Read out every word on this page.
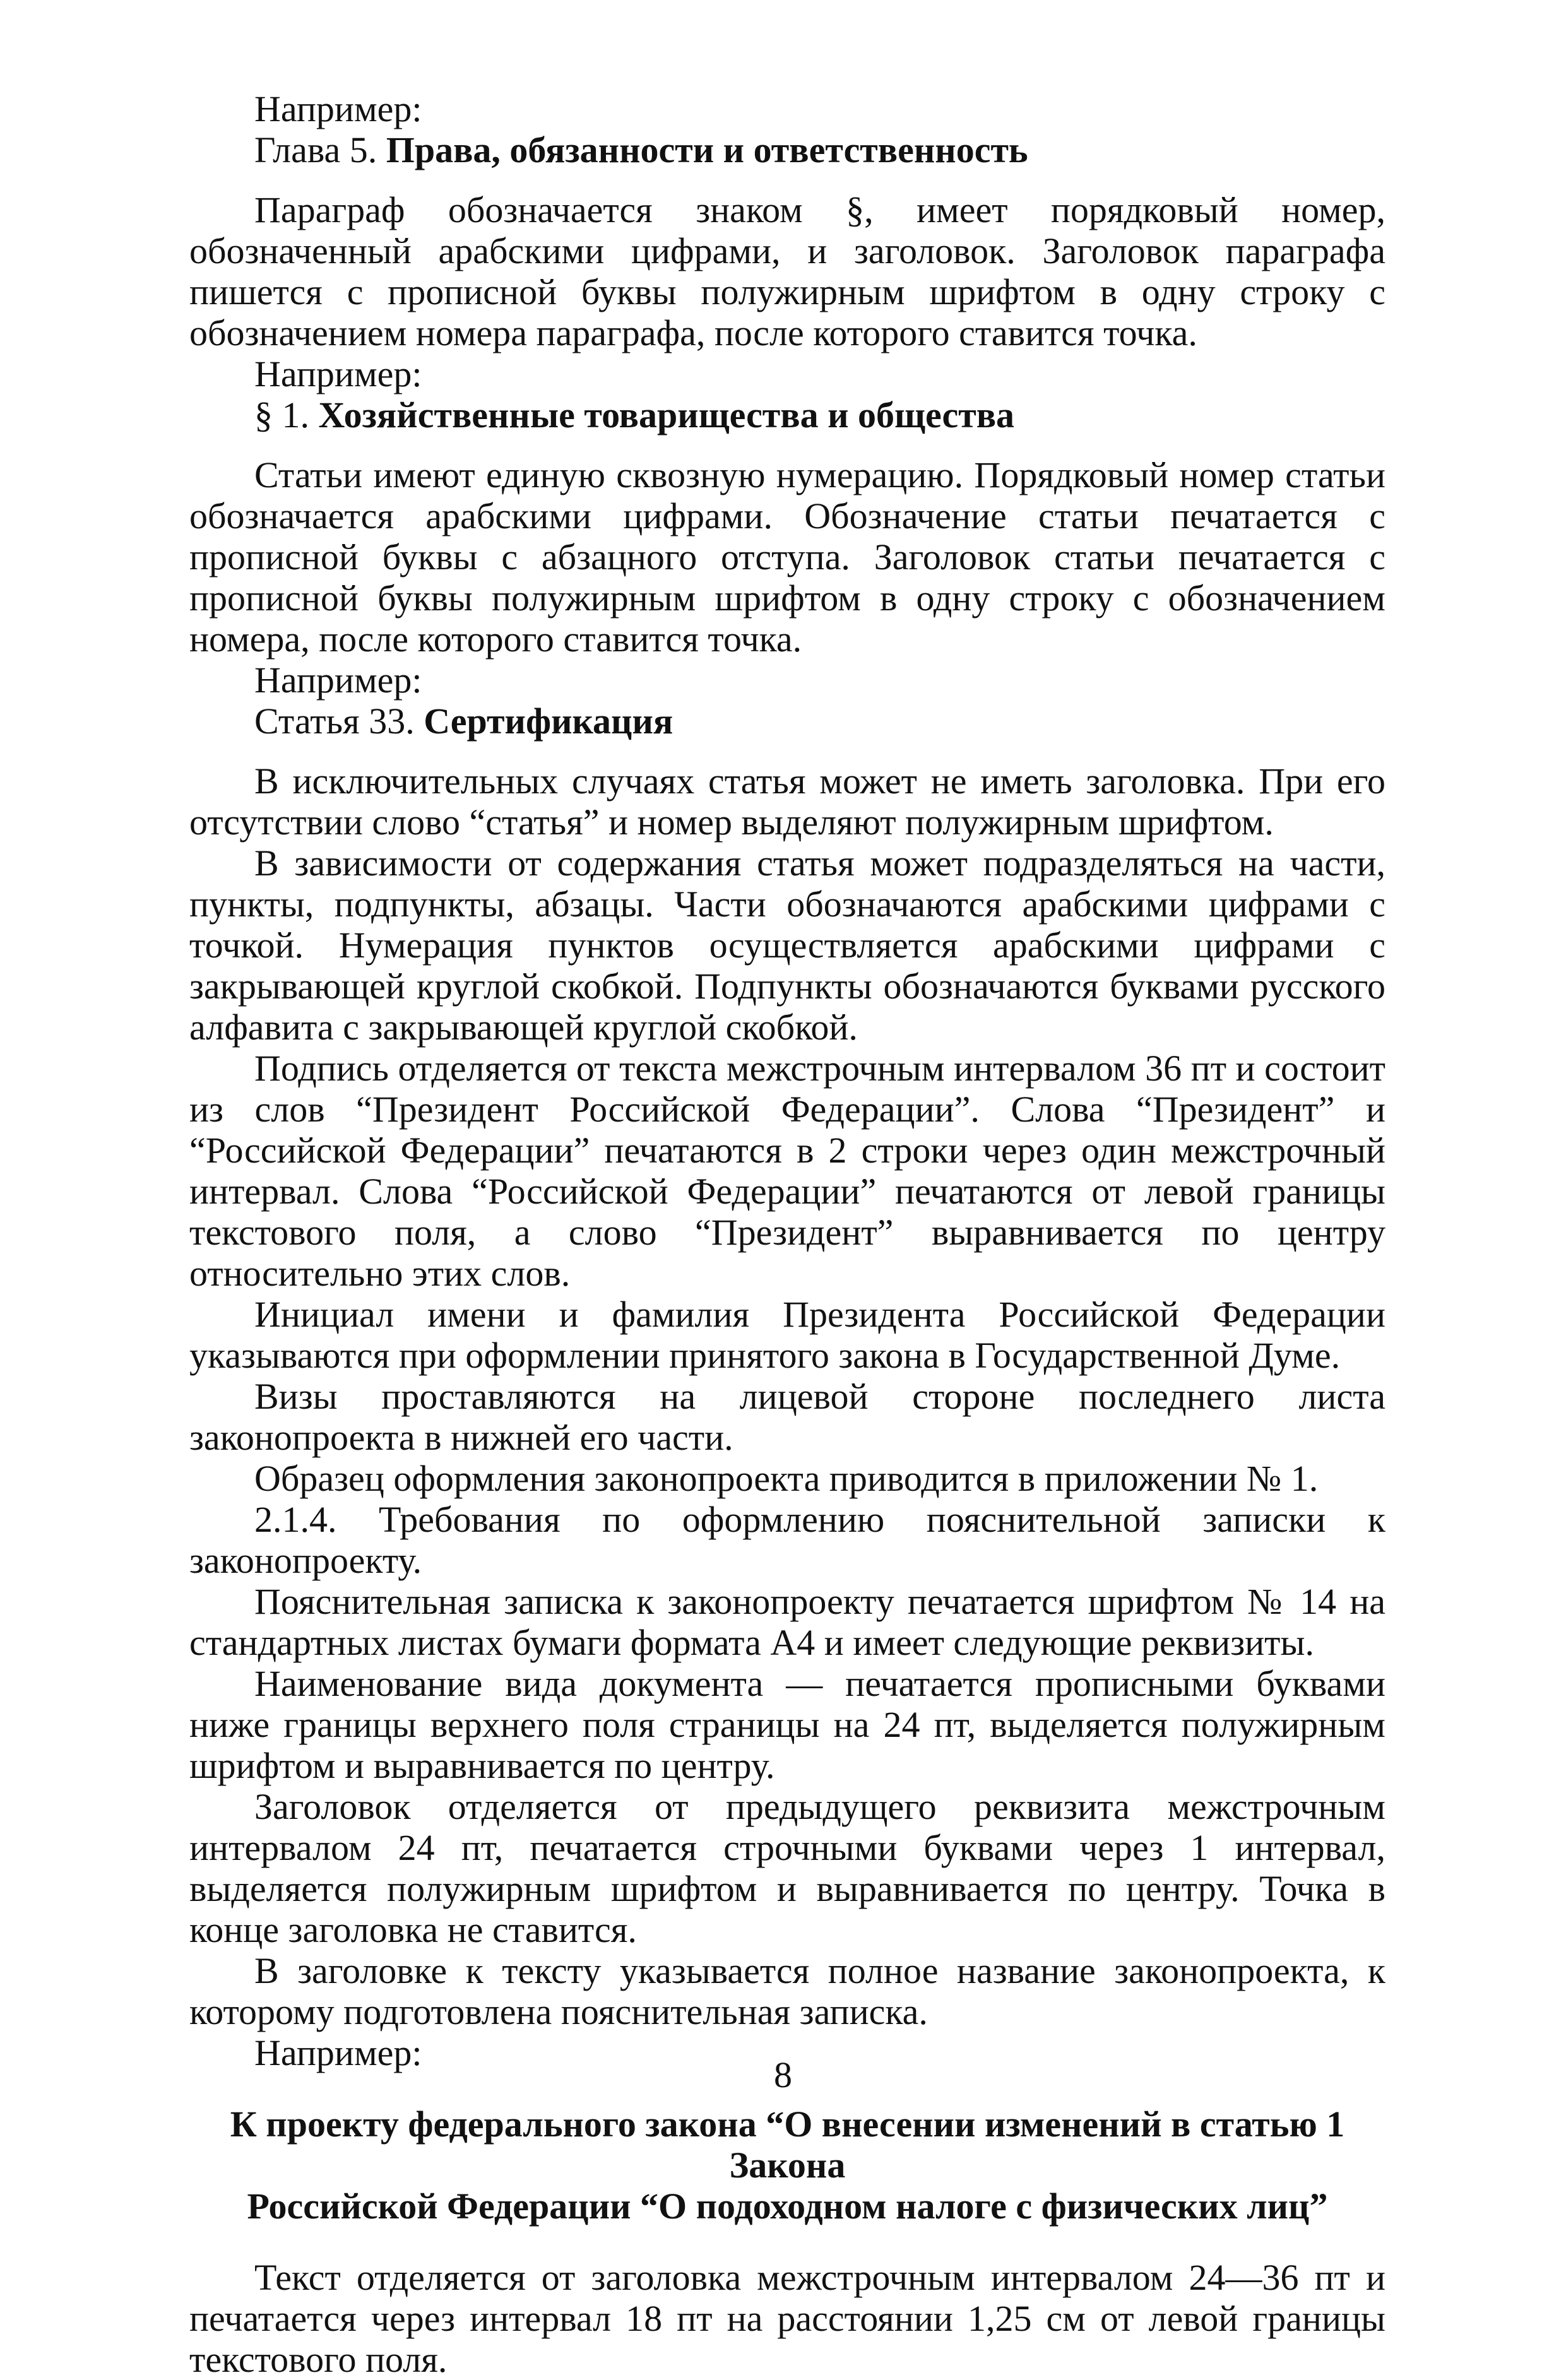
Например:

Глава 5. Права, обязанности и ответственность

Параграф обозначается знаком §, имеет порядковый номер, обозначенный арабскими цифрами, и заголовок. Заголовок параграфа пишется с прописной буквы полужирным шрифтом в одну строку с обозначением номера параграфа, после которого ставится точка.

Например:

§ 1. Хозяйственные товарищества и общества

Статьи имеют единую сквозную нумерацию. Порядковый номер статьи обозначается арабскими цифрами. Обозначение статьи печатается с прописной буквы с абзацного отступа. Заголовок статьи печатается с прописной буквы полужирным шрифтом в одну строку с обозначением номера, после которого ставится точка.

Например:

Статья 33. Сертификация

В исключительных случаях статья может не иметь заголовка. При его отсутствии слово “статья” и номер выделяют полужирным шрифтом.

В зависимости от содержания статья может подразделяться на части, пункты, подпункты, абзацы. Части обозначаются арабскими цифрами с точкой. Нумерация пунктов осуществляется арабскими цифрами с закрывающей круглой скобкой. Подпункты обозначаются буквами русского алфавита с закрывающей круглой скобкой.

Подпись отделяется от текста межстрочным интервалом 36 пт и состоит из слов “Президент Российской Федерации”. Слова “Президент” и “Российской Федерации” печатаются в 2 строки через один межстрочный интервал. Слова “Российской Федерации” печатаются от левой границы текстового поля, а слово “Президент” выравнивается по центру относительно этих слов.

Инициал имени и фамилия Президента Российской Федерации указываются при оформлении принятого закона в Государственной Думе.

Визы проставляются на лицевой стороне последнего листа законопроекта в нижней его части.

Образец оформления законопроекта приводится в приложении № 1.

2.1.4. Требования по оформлению пояснительной записки к законопроекту.

Пояснительная записка к законопроекту печатается шрифтом № 14 на стандартных листах бумаги формата А4 и имеет следующие реквизиты.

Наименование вида документа — печатается прописными буквами ниже границы верхнего поля страницы на 24 пт, выделяется полужирным шрифтом и выравнивается по центру.

Заголовок отделяется от предыдущего реквизита межстрочным интервалом 24 пт, печатается строчными буквами через 1 интервал, выделяется полужирным шрифтом и выравнивается по центру. Точка в конце заголовка не ставится.

В заголовке к тексту указывается полное название законопроекта, к которому подготовлена пояснительная записка.

Например:

К проекту федерального закона “О внесении изменений в статью 1 Закона
Российской Федерации “О подоходном налоге с физических лиц”

Текст отделяется от заголовка межстрочным интервалом 24—36 пт и печатается через интервал 18 пт на расстоянии 1,25 см от левой границы текстового поля.

8
